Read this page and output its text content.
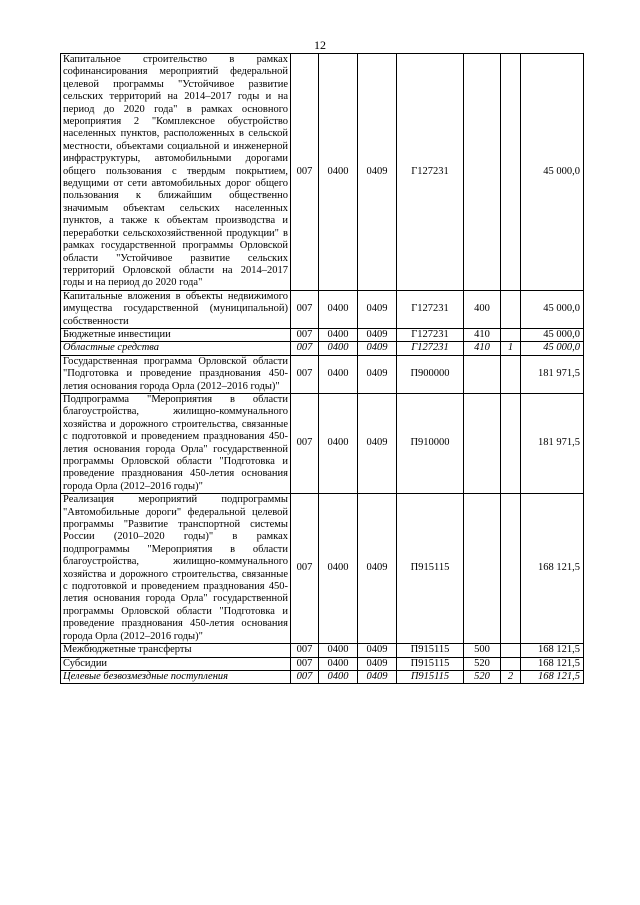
12
Капитальное строительство в рамках софинансирования мероприятий федеральной целевой программы "Устойчивое развитие сельских территорий на 2014–2017 годы и на период до 2020 года" в рамках основного мероприятия 2 "Комплексное обустройство населенных пунктов, расположенных в сельской местности, объектами социальной и инженерной инфраструктуры, автомобильными дорогами общего пользования с твердым покрытием, ведущими от сети автомобильных дорог общего пользования к ближайшим общественно значимым объектам сельских населенных пунктов, а также к объектам производства и переработки сельскохозяйственной продукции" в рамках государственной программы Орловской области "Устойчивое развитие сельских территорий Орловской области на 2014–2017 годы и на период до 2020 года"	007	0400	0409	Г127231			45 000,0
Капитальные вложения в объекты недвижимого имущества государственной (муниципальной) собственности	007	0400	0409	Г127231	400		45 000,0
Бюджетные инвестиции	007	0400	0409	Г127231	410		45 000,0
Областные средства	007	0400	0409	Г127231	410	1	45 000,0
Государственная программа Орловской области "Подготовка и проведение празднования 450-летия основания города Орла (2012–2016 годы)"	007	0400	0409	П900000			181 971,5
Подпрограмма "Мероприятия в области благоустройства, жилищно-коммунального хозяйства и дорожного строительства, связанные с подготовкой и проведением празднования 450-летия основания города Орла" государственной программы Орловской области "Подготовка и проведение празднования 450-летия основания города Орла (2012–2016 годы)"	007	0400	0409	П910000			181 971,5
Реализация мероприятий подпрограммы "Автомобильные дороги" федеральной целевой программы "Развитие транспортной системы России (2010–2020 годы)" в рамках подпрограммы "Мероприятия в области благоустройства, жилищно-коммунального хозяйства и дорожного строительства, связанные с подготовкой и проведением празднования 450-летия основания города Орла" государственной программы Орловской области "Подготовка и проведение празднования 450-летия основания города Орла (2012–2016 годы)"	007	0400	0409	П915115			168 121,5
Межбюджетные трансферты	007	0400	0409	П915115	500		168 121,5
Субсидии	007	0400	0409	П915115	520		168 121,5
Целевые безвозмездные поступления	007	0400	0409	П915115	520	2	168 121,5
